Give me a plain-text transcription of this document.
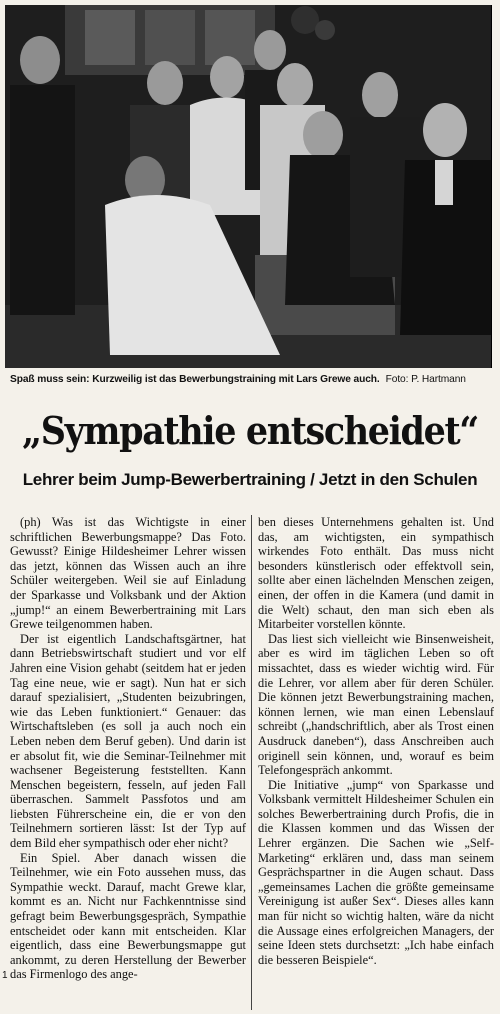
Spaß muss sein: Kurzweilig ist das Bewerbungstraining mit Lars Grewe auch. Foto: P. Hartmann
„Sympathie entscheidet“
Lehrer beim Jump-Bewerbertraining / Jetzt in den Schulen

(ph) Was ist das Wichtigste in einer schriftlichen Bewerbungsmappe? Das Foto. Gewusst? Einige Hildesheimer Lehrer wissen das jetzt, können das Wissen auch an ihre Schüler weitergeben. Weil sie auf Einladung der Sparkasse und Volksbank und der Aktion „jump!“ an einem Bewerbertraining mit Lars Grewe teilgenommen haben.

Der ist eigentlich Landschaftsgärtner, hat dann Betriebswirtschaft studiert und vor elf Jahren eine Vision gehabt (seitdem hat er jeden Tag eine neue, wie er sagt). Nun hat er sich darauf spezialisiert, „Studenten beizubringen, wie das Leben funktioniert.“ Genauer: das Wirtschaftsleben (es soll ja auch noch ein Leben neben dem Beruf geben). Und darin ist er absolut fit, wie die Seminar-Teilnehmer mit wachsener Begeisterung feststellten. Kann Menschen begeistern, fesseln, auf jeden Fall überraschen. Sammelt Passfotos und am liebsten Führerscheine ein, die er von den Teilnehmern sortieren lässt: Ist der Typ auf dem Bild eher sympathisch oder eher nicht?

Ein Spiel. Aber danach wissen die Teilnehmer, wie ein Foto aussehen muss, das Sympathie weckt. Darauf, macht Grewe klar, kommt es an. Nicht nur Fachkenntnisse sind gefragt beim Bewerbungsgespräch, Sympathie entscheidet oder kann mit entscheiden. Klar eigentlich, dass eine Bewerbungsmappe gut ankommt, zu deren Herstellung der Bewerber das Firmenlogo des ange-

ben dieses Unternehmens gehalten ist. Und das, am wichtigsten, ein sympathisch wirkendes Foto enthält. Das muss nicht besonders künstlerisch oder effektvoll sein, sollte aber einen lächelnden Menschen zeigen, einen, der offen in die Kamera (und damit in die Welt) schaut, den man sich eben als Mitarbeiter vorstellen könnte.

Das liest sich vielleicht wie Binsenweisheit, aber es wird im täglichen Leben so oft missachtet, dass es wieder wichtig wird. Für die Lehrer, vor allem aber für deren Schüler. Die können jetzt Bewerbungstraining machen, können lernen, wie man einen Lebenslauf schreibt („handschriftlich, aber als Trost einen Ausdruck daneben“), dass Anschreiben auch originell sein können, und, worauf es beim Telefongespräch ankommt.

Die Initiative „jump“ von Sparkasse und Volksbank vermittelt Hildesheimer Schulen ein solches Bewerbertraining durch Profis, die in die Klassen kommen und das Wissen der Lehrer ergänzen. Die Sachen wie „Self-Marketing“ erklären und, dass man seinem Gesprächspartner in die Augen schaut. Dass „gemeinsames Lachen die größte gemeinsame Vereinigung ist außer Sex“. Dieses alles kann man für nicht so wichtig halten, wäre da nicht die Aussage eines erfolgreichen Managers, der seine Ideen stets durchsetzt: „Ich habe einfach die besseren Beispiele“.

1
